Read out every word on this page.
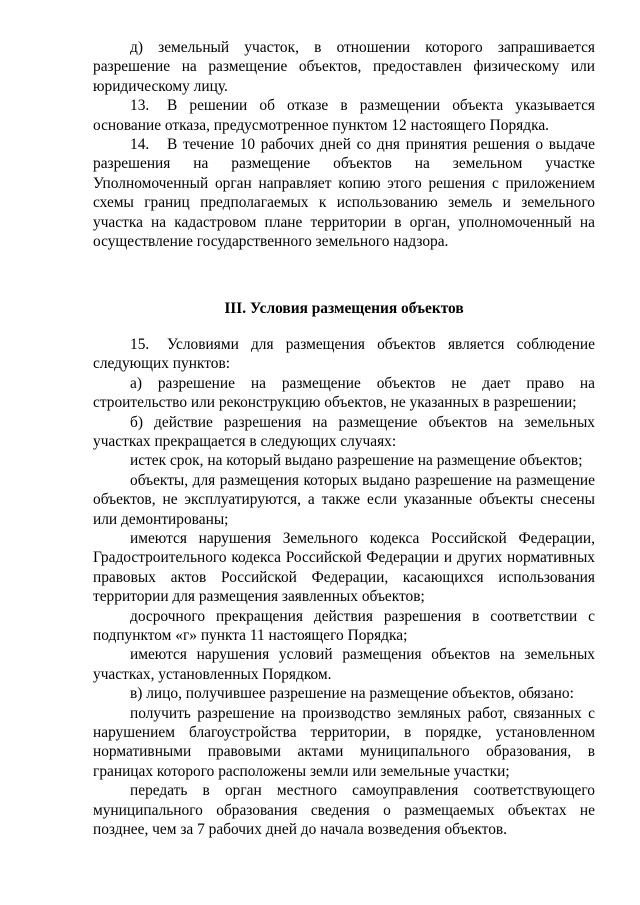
д) земельный участок, в отношении которого запрашивается разрешение на размещение объектов, предоставлен физическому или юридическому лицу.

13. В решении об отказе в размещении объекта указывается основание отказа, предусмотренное пунктом 12 настоящего Порядка.

14. В течение 10 рабочих дней со дня принятия решения о выдаче разрешения на размещение объектов на земельном участке Уполномоченный орган направляет копию этого решения с приложением схемы границ предполагаемых к использованию земель и земельного участка на кадастровом плане территории в орган, уполномоченный на осуществление государственного земельного надзора.

III. Условия размещения объектов

15. Условиями для размещения объектов является соблюдение следующих пунктов:

а) разрешение на размещение объектов не дает право на строительство или реконструкцию объектов, не указанных в разрешении;

б) действие разрешения на размещение объектов на земельных участках прекращается в следующих случаях:

истек срок, на который выдано разрешение на размещение объектов;

объекты, для размещения которых выдано разрешение на размещение объектов, не эксплуатируются, а также если указанные объекты снесены или демонтированы;

имеются нарушения Земельного кодекса Российской Федерации, Градостроительного кодекса Российской Федерации и других нормативных правовых актов Российской Федерации, касающихся использования территории для размещения заявленных объектов;

досрочного прекращения действия разрешения в соответствии с подпунктом «г» пункта 11 настоящего Порядка;

имеются нарушения условий размещения объектов на земельных участках, установленных Порядком.

в) лицо, получившее разрешение на размещение объектов, обязано:

получить разрешение на производство земляных работ, связанных с нарушением благоустройства территории, в порядке, установленном нормативными правовыми актами муниципального образования, в границах которого расположены земли или земельные участки;

передать в орган местного самоуправления соответствующего муниципального образования сведения о размещаемых объектах не позднее, чем за 7 рабочих дней до начала возведения объектов.
